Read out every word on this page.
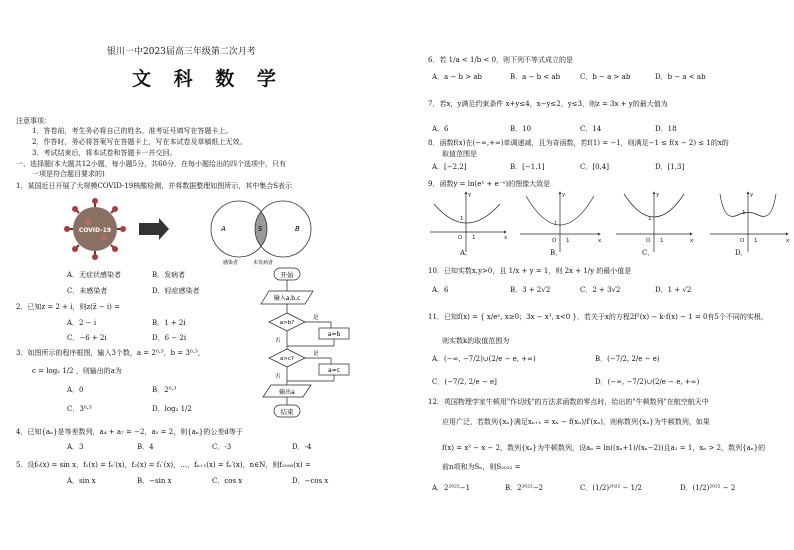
银川一中2023届高三年级第二次月考
文 科 数 学
注意事项：
1．答卷前，考生务必将自己的姓名、准考证号填写在答题卡上。
2．作答时，务必将答案写在答题卡上，写在本试卷及草稿纸上无效。
3．考试结束后，将本试卷和答题卡一并交回。
一、选择题(本大题共12小题，每小题5分，共60分．在每小题给出的四个选项中，只有
一项是符合题目要求的)
1．某国近日开展了大规模COVID-19核酸检测，并将数据整理如图所示，其中集合S表示
COVID-19	A	S	B
感染者	未发病者
A．无症状感染者	B．发病者
C．未感染者	D．轻症感染者
2．已知z = 2 + i，则z(z̄ − i) =
A．2 − i	B．1 + 2i
C．−6 + 2i	D．6 − 2i
3．如图所示的程序框图，输入3个数，a = 2⁰·³，b = 3⁰·³，
c = log₂ 1/2 ，则输出的a为
A．0	B．2⁰·³
C．3⁰·³	D．log₂ 1/2
开始
输入a,b,c
a>b?
是
a=b
否
a>c?
是
a=c
否
输出a
结束
4．已知{aₙ}是等差数列，a₄ + a₇ = −2，a₅ = 2，则{aₙ}的公差d等于
A．3	B．4	C．-3	D．-4
5．设f₀(x) = sin x，f₁(x) = f₀′(x)，f₂(x) = f₁′(x)，…，fₙ₊₁(x) = fₙ′(x)，n∈N，则f₂₀₀₈(x) =
A．sin x	B．−sin x	C．cos x	D．−cos x
6．若 1/a < 1/b < 0，则下列不等式成立的是
A．a − b > ab	B．a − b < ab	C．b − a > ab	D．b − a < ab
7．若x，y满足约束条件 x+y≤4，x−y≤2，y≤3，则z = 3x + y的最大值为
A．6	B．10	C．14	D．18
8．函数f(x)在(−∞,+∞)单调递减，且为奇函数，若f(1) = −1，则满足−1 ≤ f(x − 2) ≤ 1的x的
取值范围是
A．[−2,2]	B．[−1,1]	C．[0,4]	D．[1,3]
9．函数y = ln(eˣ + e⁻ˣ)的图像大致是
O 1
1
x
y
O 1
1
x
y
O 1
1
x
y
O 1
1
x
y
A．	B．	C．	D．
10．已知实数x,y>0，且 1/x + y = 1，则 2x + 1/y 的最小值是
A．6	B．3 + 2√2	C．2 + 3√2	D．1 + √2
11．已知f(x) = { x/eˣ, x≥0；3x − x³, x<0 }，若关于x的方程2f²(x) − k·f(x) − 1 = 0有5个不同的实根，
则实数k的取值范围为
A．(−∞, −7/2)∪(2/e − e, +∞)	B．(−7/2, 2/e − e)
C．(−7/2, 2/e − e]	D．(−∞, −7/2)∪(2/e − e, +∞)
12．英国物理学家牛顿用"作切线"的方法求函数的零点时，给出的"牛顿数列"在航空航天中
应用广泛，若数列{xₙ}满足xₙ₊₁ = xₙ − f(xₙ)/f′(xₙ)，则称数列{xₙ}为牛顿数列，如果
f(x) = x² − x − 2，数列{xₙ}为牛顿数列，设aₙ = ln((xₙ+1)/(xₙ−2))且a₁ = 1，xₙ > 2，数列{aₙ}的
前n项和为Sₙ，则S₂₀₂₂ =
A．2²⁰²²−1	B．2²⁰²²−2	C．(1/2)²⁰²² − 1/2	D．(1/2)²⁰²² − 2
